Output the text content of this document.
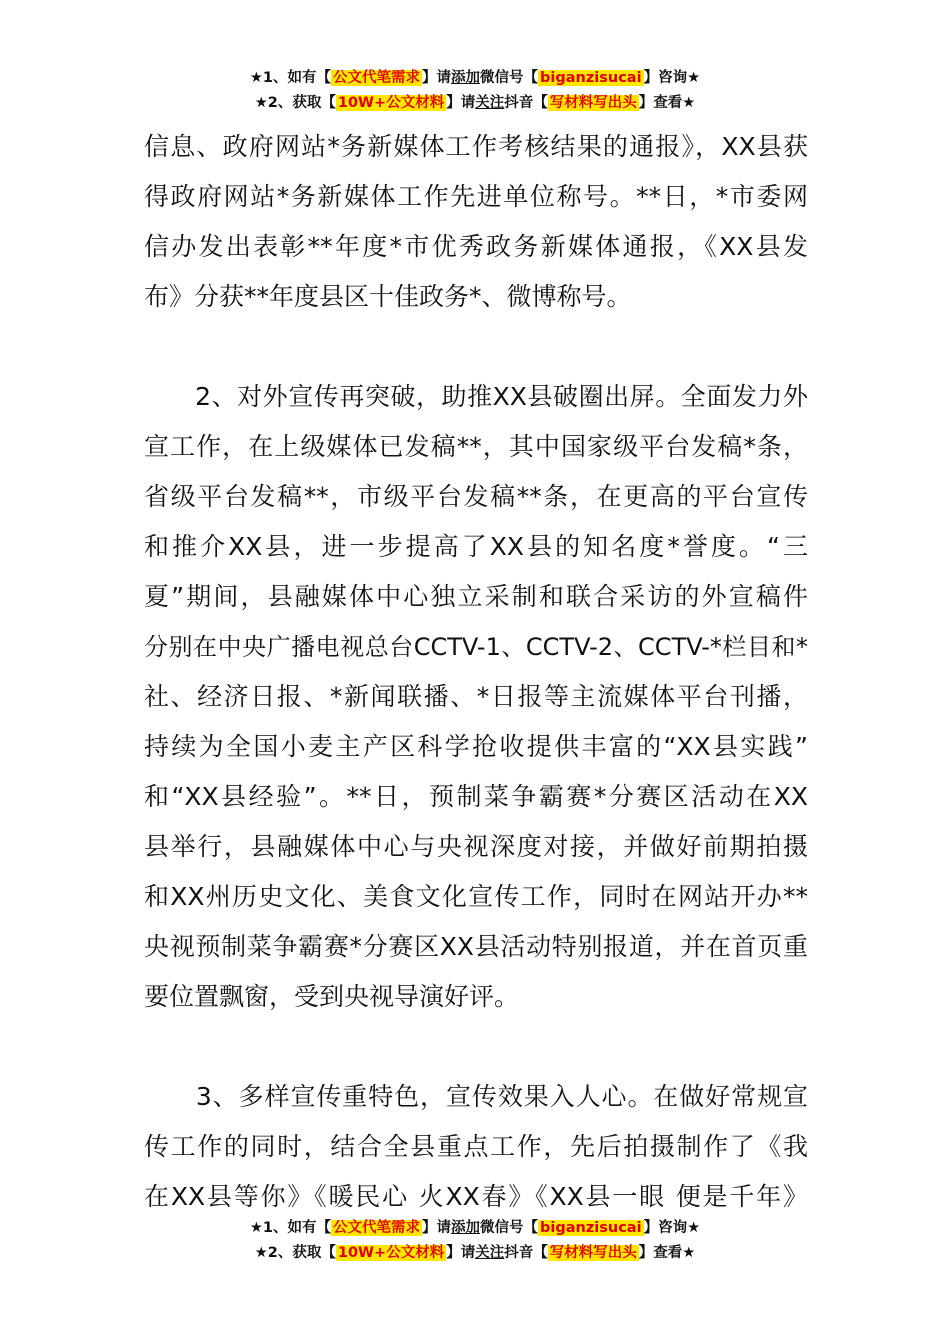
★1、如有【 公文代笔需求 】请添加微信号【 biganzisucai 】咨询★
★2、获取【 10W+公文材料 】请关注抖音【 写材料写出头 】查看★
信息、政府网站*务新媒体工作考核结果的通报》，XX县获
得政府网站*务新媒体工作先进单位称号。**日，*市委网
信办发出表彰**年度*市优秀政务新媒体通报，《XX县发
布》分获**年度县区十佳政务*、微博称号。
　　2、对外宣传再突破，助推XX县破圈出屏。全面发力外
宣工作，在上级媒体已发稿**，其中国家级平台发稿*条，
省级平台发稿**，市级平台发稿**条，在更高的平台宣传
和推介XX县，进一步提高了XX县的知名度*誉度。“三
夏”期间，县融媒体中心独立采制和联合采访的外宣稿件
分别在中央广播电视总台CCTV-1、CCTV-2、CCTV-*栏目和*
社、经济日报、*新闻联播、*日报等主流媒体平台刊播，
持续为全国小麦主产区科学抢收提供丰富的“XX县实践”
和“XX县经验”。**日，预制菜争霸赛*分赛区活动在XX
县举行，县融媒体中心与央视深度对接，并做好前期拍摄
和XX州历史文化、美食文化宣传工作，同时在网站开办**
央视预制菜争霸赛*分赛区XX县活动特别报道，并在首页重
要位置飘窗，受到央视导演好评。
　　3、多样宣传重特色，宣传效果入人心。在做好常规宣
传工作的同时，结合全县重点工作，先后拍摄制作了《我
在XX县等你》《暖民心 火XX春》《XX县一眼 便是千年》
★1、如有【 公文代笔需求 】请添加微信号【 biganzisucai 】咨询★
★2、获取【 10W+公文材料 】请关注抖音【 写材料写出头 】查看★
